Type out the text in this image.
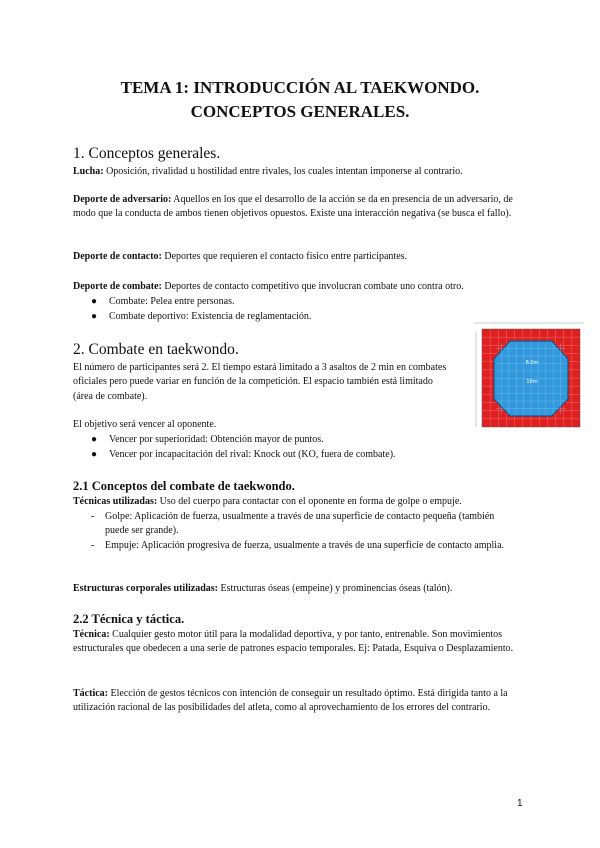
TEMA 1: INTRODUCCIÓN AL TAEKWONDO.
CONCEPTOS GENERALES.
1. Conceptos generales.

Lucha: Oposición, rivalidad u hostilidad entre rivales, los cuales intentan imponerse al contrario.

Deporte de adversario: Aquellos en los que el desarrollo de la acción se da en presencia de un adversario, de modo que la conducta de ambos tienen objetivos opuestos. Existe una interacción negativa (se busca el fallo).

Deporte de contacto: Deportes que requieren el contacto físico entre participantes.

Deporte de combate: Deportes de contacto competitivo que involucran combate uno contra otro.

● Combate: Pelea entre personas.
● Combate deportivo: Existencia de reglamentación.
2. Combate en taekwondo.

El número de participantes será 2. El tiempo estará limitado a 3 asaltos de 2 min en combates oficiales pero puede variar en función de la competición. El espacio también está limitado (área de combate).

El objetivo será vencer al oponente.

● Vencer por superioridad: Obtención mayor de puntos.
● Vencer por incapacitación del rival: Knock out (KO, fuera de combate).
8.0m
10m
2.1 Conceptos del combate de taekwondo.

Técnicas utilizadas: Uso del cuerpo para contactar con el oponente en forma de golpe o empuje.

- Golpe: Aplicación de fuerza, usualmente a través de una superficie de contacto pequeña (también puede ser grande).
- Empuje: Aplicación progresiva de fuerza, usualmente a través de una superficie de contacto amplia.

Estructuras corporales utilizadas: Estructuras óseas (empeine) y prominencias óseas (talón).

2.2 Técnica y táctica.

Técnica: Cualquier gesto motor útil para la modalidad deportiva, y por tanto, entrenable. Son movimientos estructurales que obedecen a una serie de patrones espacio temporales. Ej: Patada, Esquiva o Desplazamiento.

Táctica: Elección de gestos técnicos con intención de conseguir un resultado óptimo. Está dirigida tanto a la utilización racional de las posibilidades del atleta, como al aprovechamiento de los errores del contrario.

1
